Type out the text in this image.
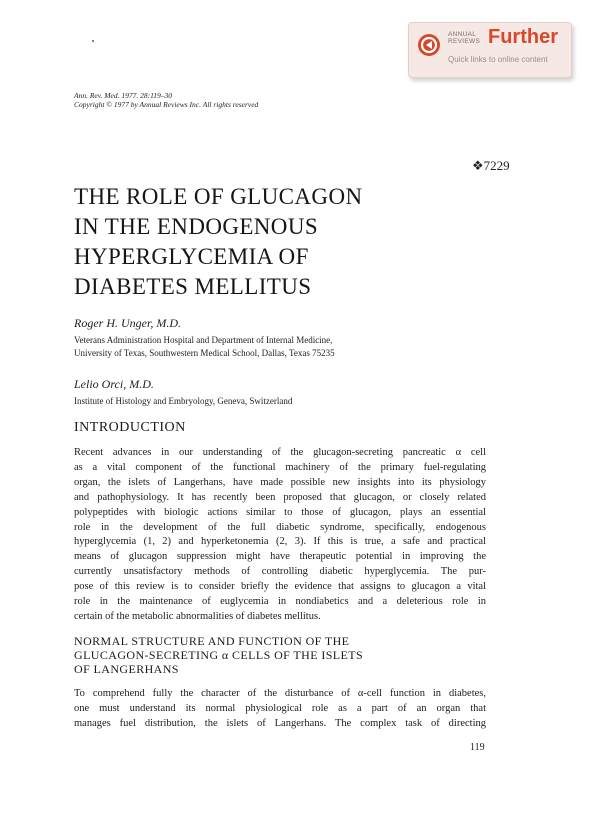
ANNUAL
REVIEWS Further
Quick links to online content
Ann. Rev. Med. 1977. 28:119–30
Copyright © 1977 by Annual Reviews Inc. All rights reserved
❖7229
THE ROLE OF GLUCAGON
IN THE ENDOGENOUS
HYPERGLYCEMIA OF
DIABETES MELLITUS
Roger H. Unger, M.D.
Veterans Administration Hospital and Department of Internal Medicine,
University of Texas, Southwestern Medical School, Dallas, Texas 75235
Lelio Orci, M.D.
Institute of Histology and Embryology, Geneva, Switzerland
INTRODUCTION
Recent advances in our understanding of the glucagon-secreting pancreatic α cell
as a vital component of the functional machinery of the primary fuel-regulating
organ, the islets of Langerhans, have made possible new insights into its physiology
and pathophysiology. It has recently been proposed that glucagon, or closely related
polypeptides with biologic actions similar to those of glucagon, plays an essential
role in the development of the full diabetic syndrome, specifically, endogenous
hyperglycemia (1, 2) and hyperketonemia (2, 3). If this is true, a safe and practical
means of glucagon suppression might have therapeutic potential in improving the
currently unsatisfactory methods of controlling diabetic hyperglycemia. The pur-
pose of this review is to consider briefly the evidence that assigns to glucagon a vital
role in the maintenance of euglycemia in nondiabetics and a deleterious role in
certain of the metabolic abnormalities of diabetes mellitus.
NORMAL STRUCTURE AND FUNCTION OF THE
GLUCAGON-SECRETING α CELLS OF THE ISLETS
OF LANGERHANS
To comprehend fully the character of the disturbance of α-cell function in diabetes,
one must understand its normal physiological role as a part of an organ that
manages fuel distribution, the islets of Langerhans. The complex task of directing
119
